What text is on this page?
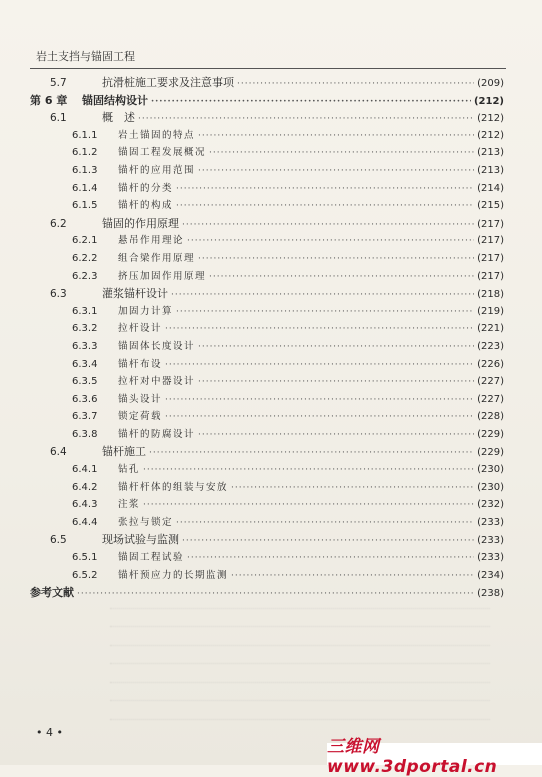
岩土支挡与锚固工程
5.7	抗滑桩施工要求及注意事项 ·····	(209)
第 6 章	锚固结构设计 ·····	(212)
6.1	概　述 ·····	(212)
6.1.1	岩土锚固的特点 ·····	(212)
6.1.2	锚固工程发展概况 ·····	(213)
6.1.3	锚杆的应用范围 ·····	(213)
6.1.4	锚杆的分类 ·····	(214)
6.1.5	锚杆的构成 ·····	(215)
6.2	锚固的作用原理 ·····	(217)
6.2.1	悬吊作用理论 ·····	(217)
6.2.2	组合梁作用原理 ·····	(217)
6.2.3	挤压加固作用原理 ·····	(217)
6.3	灌浆锚杆设计 ·····	(218)
6.3.1	加固力计算 ·····	(219)
6.3.2	拉杆设计 ·····	(221)
6.3.3	锚固体长度设计 ·····	(223)
6.3.4	锚杆布设 ·····	(226)
6.3.5	拉杆对中器设计 ·····	(227)
6.3.6	锚头设计 ·····	(227)
6.3.7	锁定荷载 ·····	(228)
6.3.8	锚杆的防腐设计 ·····	(229)
6.4	锚杆施工 ·····	(229)
6.4.1	钻孔 ·····	(230)
6.4.2	锚杆杆体的组装与安放 ·····	(230)
6.4.3	注浆 ·····	(232)
6.4.4	张拉与锁定 ·····	(233)
6.5	现场试验与监测 ·····	(233)
6.5.1	锚固工程试验 ·····	(233)
6.5.2	锚杆预应力的长期监测 ·····	(234)
参考文献 ·····	(238)
• 4 •
三维网www.3dportal.cn
